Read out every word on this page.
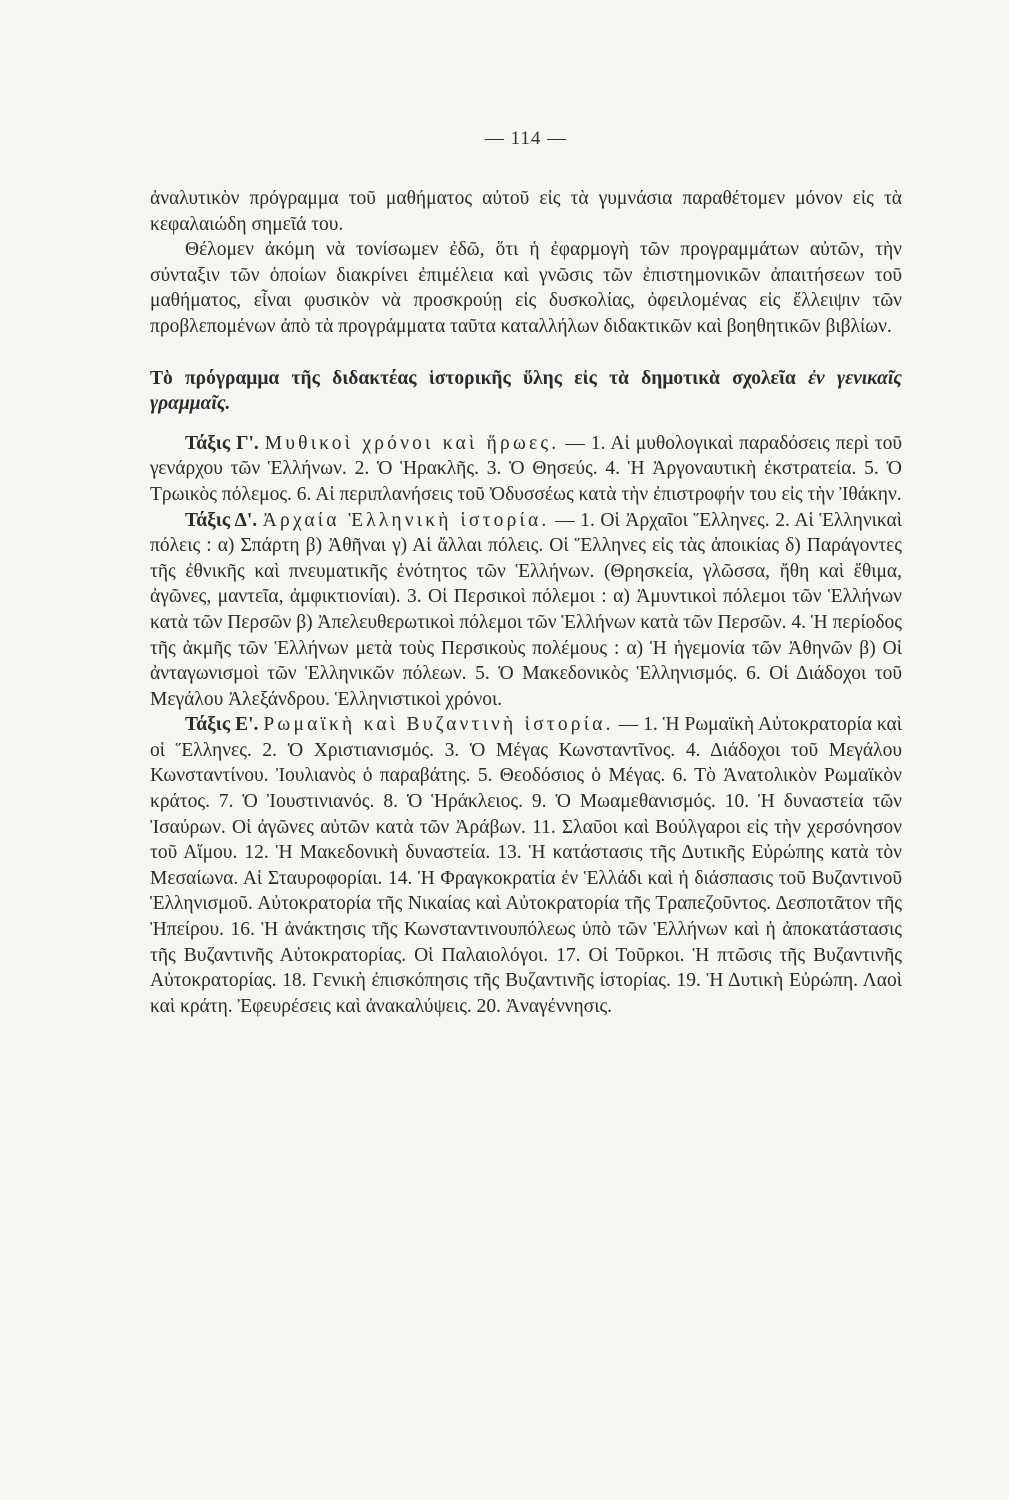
— 114 —

ἀναλυτικὸν πρόγραμμα τοῦ μαθήματος αὐτοῦ εἰς τὰ γυμνάσια παραθέτομεν μόνον εἰς τὰ κεφαλαιώδη σημεῖά του.

Θέλομεν ἀκόμη νὰ τονίσωμεν ἐδῶ, ὅτι ἡ ἐφαρμογὴ τῶν προγραμμάτων αὐτῶν, τὴν σύνταξιν τῶν ὁποίων διακρίνει ἐπιμέλεια καὶ γνῶσις τῶν ἐπιστημονικῶν ἀπαιτήσεων τοῦ μαθήματος, εἶναι φυσικὸν νὰ προσκρούῃ εἰς δυσκολίας, ὀφειλομένας εἰς ἔλλειψιν τῶν προβλεπομένων ἀπὸ τὰ προγράμματα ταῦτα καταλλήλων διδακτικῶν καὶ βοηθητικῶν βιβλίων.

Τὸ πρόγραμμα τῆς διδακτέας ἱστορικῆς ὕλης εἰς τὰ δημοτικὰ σχολεῖα ἐν γενικαῖς γραμμαῖς.

Τάξις Γ'. Μυθικοὶ χρόνοι καὶ ἥρωες. — 1. Αἱ μυθολογικαὶ παραδόσεις περὶ τοῦ γενάρχου τῶν Ἑλλήνων. 2. Ὁ Ἡρακλῆς. 3. Ὁ Θησεύς. 4. Ἡ Ἀργοναυτικὴ ἐκστρατεία. 5. Ὁ Τρωικὸς πόλεμος. 6. Αἱ περιπλανήσεις τοῦ Ὀδυσσέως κατὰ τὴν ἐπιστροφήν του εἰς τὴν Ἰθάκην.

Τάξις Δ'. Ἀρχαία Ἑλληνικὴ ἱστορία. — 1. Οἱ Ἀρχαῖοι Ἕλληνες. 2. Αἱ Ἑλληνικαὶ πόλεις : α) Σπάρτη β) Ἀθῆναι γ) Αἱ ἄλλαι πόλεις. Οἱ Ἕλληνες εἰς τὰς ἀποικίας δ) Παράγοντες τῆς ἐθνικῆς καὶ πνευματικῆς ἑνότητος τῶν Ἑλλήνων. (Θρησκεία, γλῶσσα, ἤθη καὶ ἔθιμα, ἀγῶνες, μαντεῖα, ἀμφικτιονίαι). 3. Οἱ Περσικοὶ πόλεμοι : α) Ἀμυντικοὶ πόλεμοι τῶν Ἑλλήνων κατὰ τῶν Περσῶν β) Ἀπελευθερωτικοὶ πόλεμοι τῶν Ἑλλήνων κατὰ τῶν Περσῶν. 4. Ἡ περίοδος τῆς ἀκμῆς τῶν Ἑλλήνων μετὰ τοὺς Περσικοὺς πολέμους : α) Ἡ ἡγεμονία τῶν Ἀθηνῶν β) Οἱ ἀνταγωνισμοὶ τῶν Ἑλληνικῶν πόλεων. 5. Ὁ Μακεδονικὸς Ἑλληνισμός. 6. Οἱ Διάδοχοι τοῦ Μεγάλου Ἀλεξάνδρου. Ἑλληνιστικοὶ χρόνοι.

Τάξις Ε'. Ρωμαϊκὴ καὶ Βυζαντινὴ ἱστορία. — 1. Ἡ Ρωμαϊκὴ Αὐτοκρατορία καὶ οἱ Ἕλληνες. 2. Ὁ Χριστιανισμός. 3. Ὁ Μέγας Κωνσταντῖνος. 4. Διάδοχοι τοῦ Μεγάλου Κωνσταντίνου. Ἰουλιανὸς ὁ παραβάτης. 5. Θεοδόσιος ὁ Μέγας. 6. Τὸ Ἀνατολικὸν Ρωμαϊκὸν κράτος. 7. Ὁ Ἰουστινιανός. 8. Ὁ Ἡράκλειος. 9. Ὁ Μωαμεθανισμός. 10. Ἡ δυναστεία τῶν Ἰσαύρων. Οἱ ἀγῶνες αὐτῶν κατὰ τῶν Ἀράβων. 11. Σλαῦοι καὶ Βούλγαροι εἰς τὴν χερσόνησον τοῦ Αἵμου. 12. Ἡ Μακεδονικὴ δυναστεία. 13. Ἡ κατάστασις τῆς Δυτικῆς Εὐρώπης κατὰ τὸν Μεσαίωνα. Αἱ Σταυροφορίαι. 14. Ἡ Φραγκοκρατία ἐν Ἑλλάδι καὶ ἡ διάσπασις τοῦ Βυζαντινοῦ Ἑλληνισμοῦ. Αὐτοκρατορία τῆς Νικαίας καὶ Αὐτοκρατορία τῆς Τραπεζοῦντος. Δεσποτᾶτον τῆς Ἠπείρου. 16. Ἡ ἀνάκτησις τῆς Κωνσταντινουπόλεως ὑπὸ τῶν Ἑλλήνων καὶ ἡ ἀποκατάστασις τῆς Βυζαντινῆς Αὐτοκρατορίας. Οἱ Παλαιολόγοι. 17. Οἱ Τοῦρκοι. Ἡ πτῶσις τῆς Βυζαντινῆς Αὐτοκρατορίας. 18. Γενικὴ ἐπισκόπησις τῆς Βυζαντινῆς ἱστορίας. 19. Ἡ Δυτικὴ Εὐρώπη. Λαοὶ καὶ κράτη. Ἐφευρέσεις καὶ ἀνακαλύψεις. 20. Ἀναγέννησις.
